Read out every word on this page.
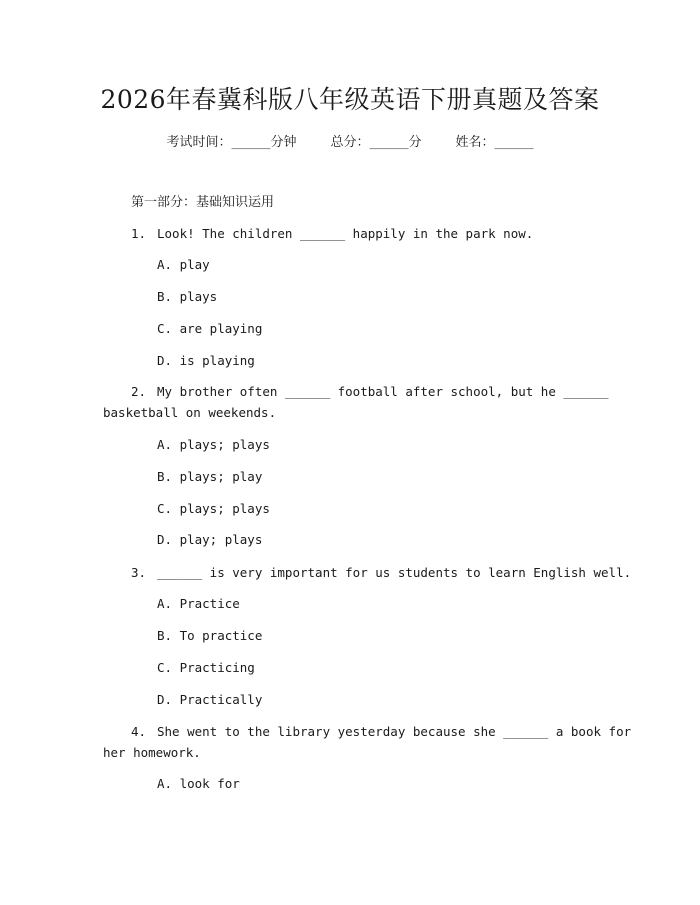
2026年春冀科版八年级英语下册真题及答案
考试时间：______分钟	总分：______分	姓名：______
第一部分：基础知识运用
1. Look! The children ______ happily in the park now.
A. play
B. plays
C. are playing
D. is playing
2. My brother often ______ football after school, but he ______
basketball on weekends.
A. plays; plays
B. plays; play
C. plays; plays
D. play; plays
3. ______ is very important for us students to learn English well.
A. Practice
B. To practice
C. Practicing
D. Practically
4. She went to the library yesterday because she ______ a book for
her homework.
A. look for
